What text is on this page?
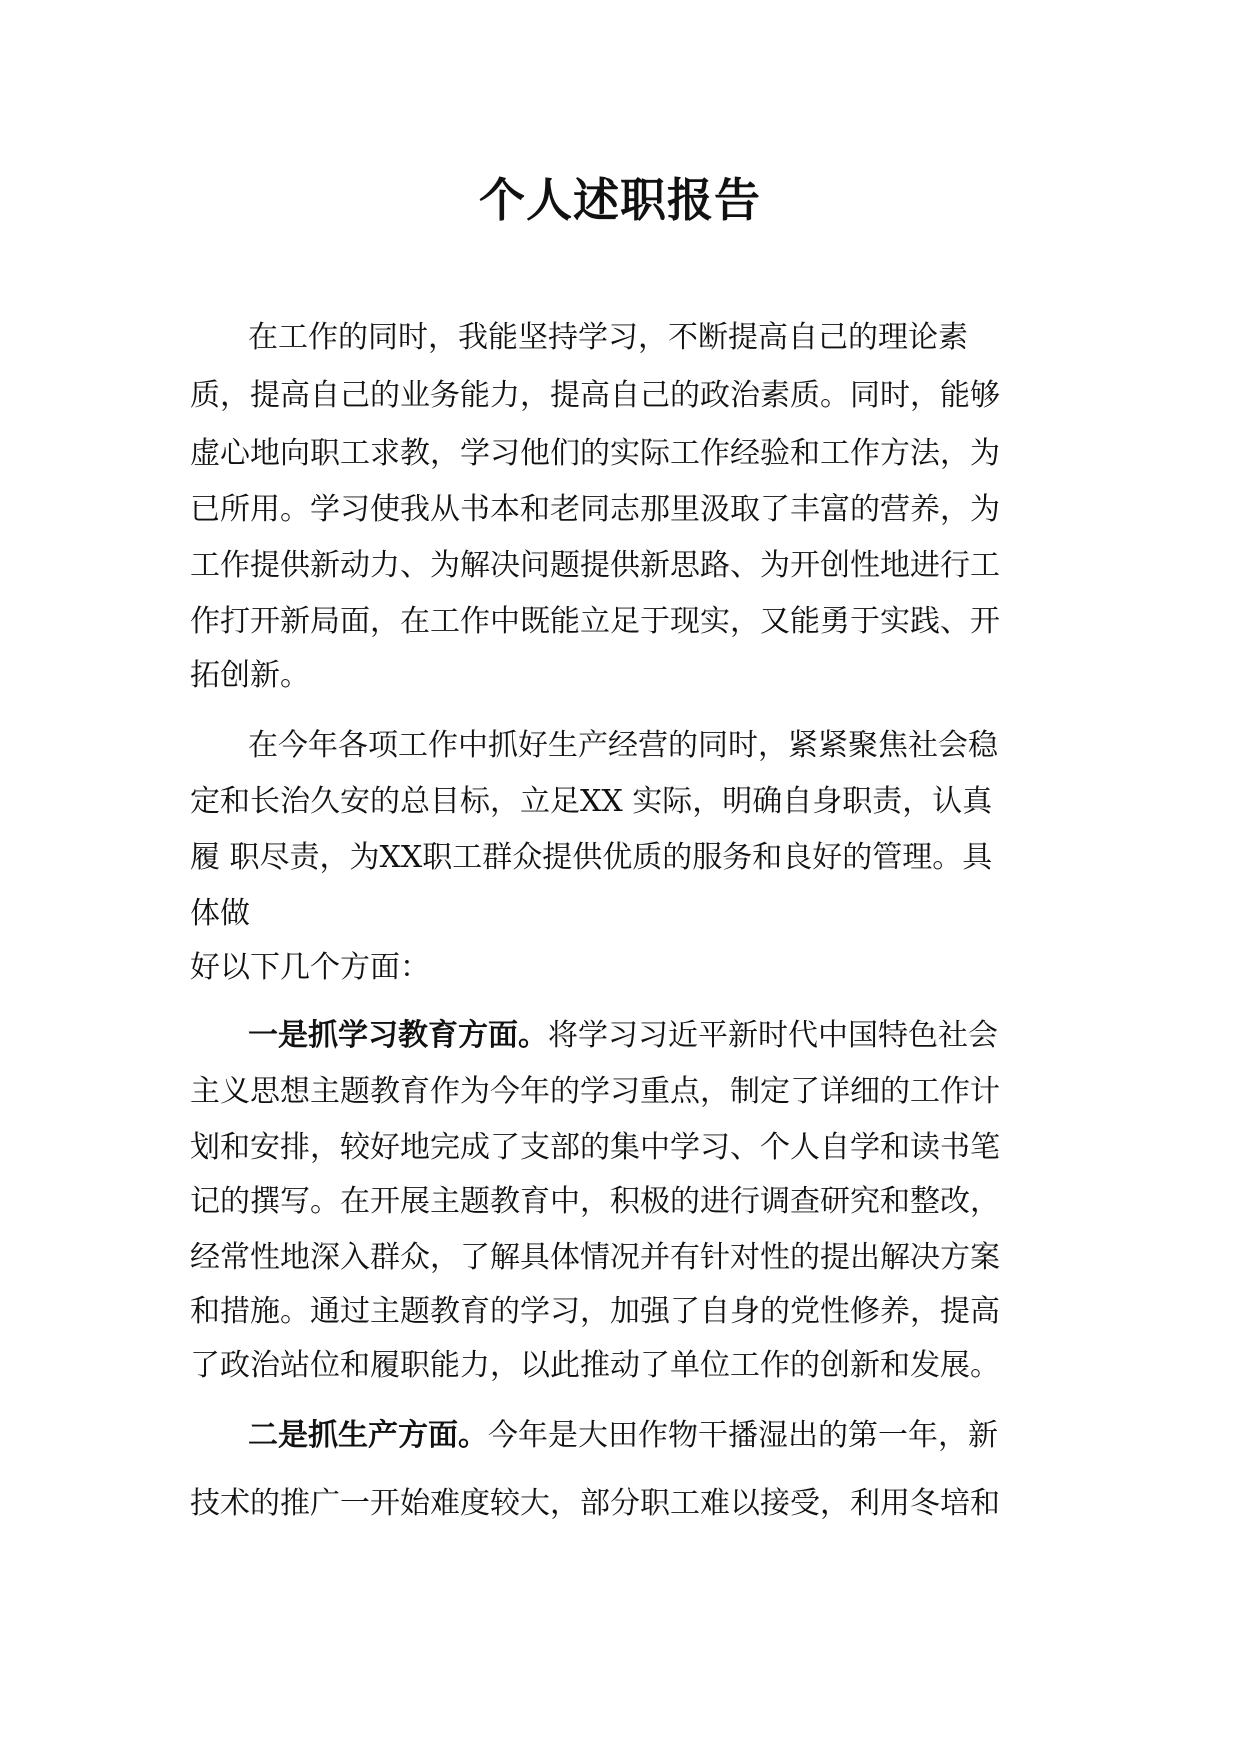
个人述职报告
在工作的同时，我能坚持学习，不断提高自己的理论素
质，提高自己的业务能力，提高自己的政治素质。同时，能够
虚心地向职工求教，学习他们的实际工作经验和工作方法，为
已所用。学习使我从书本和老同志那里汲取了丰富的营养，为
工作提供新动力、为解决问题提供新思路、为开创性地进行工
作打开新局面，在工作中既能立足于现实，又能勇于实践、开
拓创新。
在今年各项工作中抓好生产经营的同时，紧紧聚焦社会稳
定和长治久安的总目标，立足XX 实际，明确自身职责，认真
履 职尽责，为XX职工群众提供优质的服务和良好的管理。具
体做
好以下几个方面：
一是抓学习教育方面。将学习习近平新时代中国特色社会
主义思想主题教育作为今年的学习重点，制定了详细的工作计
划和安排，较好地完成了支部的集中学习、个人自学和读书笔
记的撰写。在开展主题教育中，积极的进行调查研究和整改，
经常性地深入群众，了解具体情况并有针对性的提出解决方案
和措施。通过主题教育的学习，加强了自身的党性修养，提高
了政治站位和履职能力，以此推动了单位工作的创新和发展。
二是抓生产方面。今年是大田作物干播湿出的第一年，新
技术的推广一开始难度较大，部分职工难以接受，利用冬培和
